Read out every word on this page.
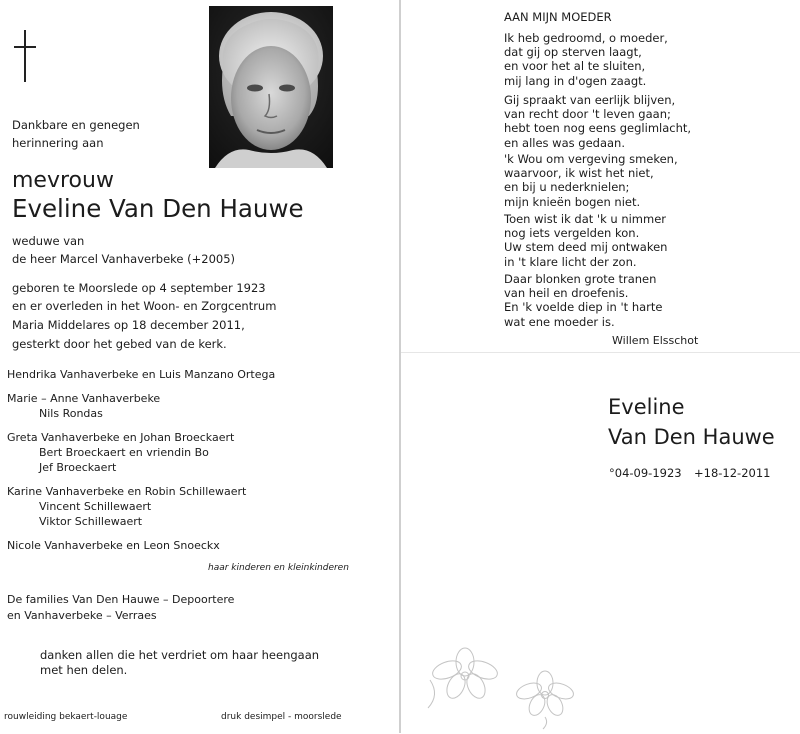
Dankbare en genegen
herinnering aan
mevrouw
Eveline Van Den Hauwe
weduwe van
de heer Marcel Vanhaverbeke (+2005)
geboren te Moorslede op 4 september 1923
en er overleden in het Woon- en Zorgcentrum
Maria Middelares op 18 december 2011,
gesterkt door het gebed van de kerk.
Hendrika Vanhaverbeke en Luis Manzano Ortega
Marie – Anne Vanhaverbeke
Nils Rondas
Greta Vanhaverbeke en Johan Broeckaert
Bert Broeckaert en vriendin Bo
Jef Broeckaert
Karine Vanhaverbeke en Robin Schillewaert
Vincent Schillewaert
Viktor Schillewaert
Nicole Vanhaverbeke en Leon Snoeckx
haar kinderen en kleinkinderen
De families Van Den Hauwe – Depoortere
en Vanhaverbeke – Verraes
danken allen die het verdriet om haar heengaan
met hen delen.
rouwleiding bekaert-louage	druk desimpel - moorslede
AAN MIJN MOEDER
Ik heb gedroomd, o moeder,
dat gij op sterven laagt,
en voor het al te sluiten,
mij lang in d'ogen zaagt.
Gij spraakt van eerlijk blijven,
van recht door 't leven gaan;
hebt toen nog eens geglimlacht,
en alles was gedaan.
'k Wou om vergeving smeken,
waarvoor, ik wist het niet,
en bij u nederknielen;
mijn knieën bogen niet.
Toen wist ik dat 'k u nimmer
nog iets vergelden kon.
Uw stem deed mij ontwaken
in 't klare licht der zon.
Daar blonken grote tranen
van heil en droefenis.
En 'k voelde diep in 't harte
wat ene moeder is.
Willem Elsschot
Eveline
Van Den Hauwe
°04-09-1923 +18-12-2011
